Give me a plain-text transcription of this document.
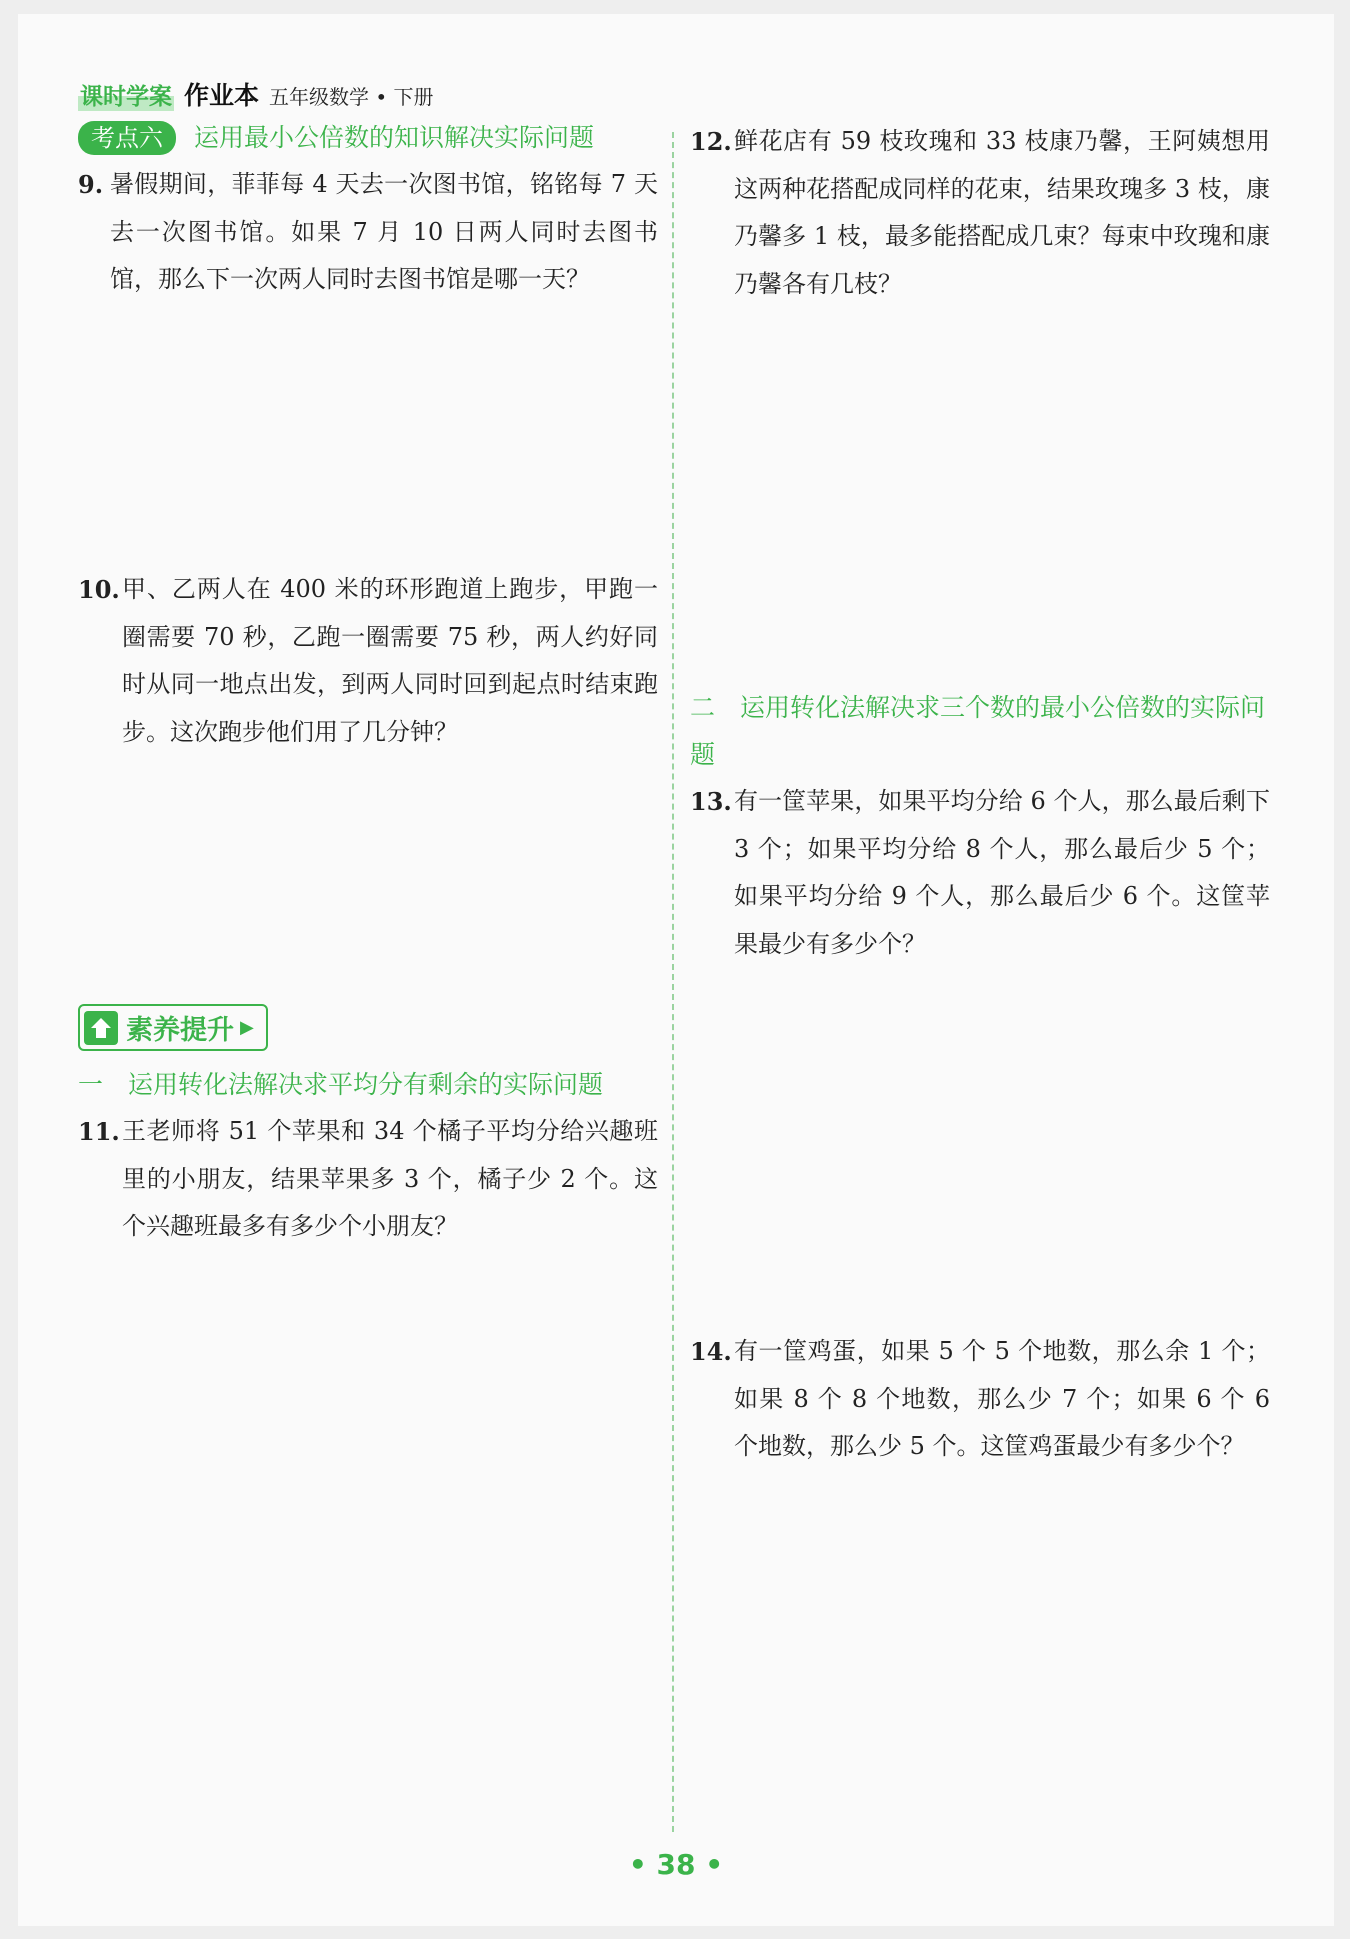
课时学案 作业本 五年级数学 • 下册
考点六 运用最小公倍数的知识解决实际问题
9. 暑假期间，菲菲每 4 天去一次图书馆，铭铭每 7 天去一次图书馆。如果 7 月 10 日两人同时去图书馆，那么下一次两人同时去图书馆是哪一天？
10. 甲、乙两人在 400 米的环形跑道上跑步，甲跑一圈需要 70 秒，乙跑一圈需要 75 秒，两人约好同时从同一地点出发，到两人同时回到起点时结束跑步。这次跑步他们用了几分钟？
素养提升 ▶
一　运用转化法解决求平均分有剩余的实际问题
11. 王老师将 51 个苹果和 34 个橘子平均分给兴趣班里的小朋友，结果苹果多 3 个，橘子少 2 个。这个兴趣班最多有多少个小朋友？
12. 鲜花店有 59 枝玫瑰和 33 枝康乃馨，王阿姨想用这两种花搭配成同样的花束，结果玫瑰多 3 枝，康乃馨多 1 枝，最多能搭配成几束？每束中玫瑰和康乃馨各有几枝？
二　运用转化法解决求三个数的最小公倍数的实际问题
13. 有一筐苹果，如果平均分给 6 个人，那么最后剩下 3 个；如果平均分给 8 个人，那么最后少 5 个；如果平均分给 9 个人，那么最后少 6 个。这筐苹果最少有多少个？
14. 有一筐鸡蛋，如果 5 个 5 个地数，那么余 1 个；如果 8 个 8 个地数，那么少 7 个；如果 6 个 6 个地数，那么少 5 个。这筐鸡蛋最少有多少个？
• 38 •
